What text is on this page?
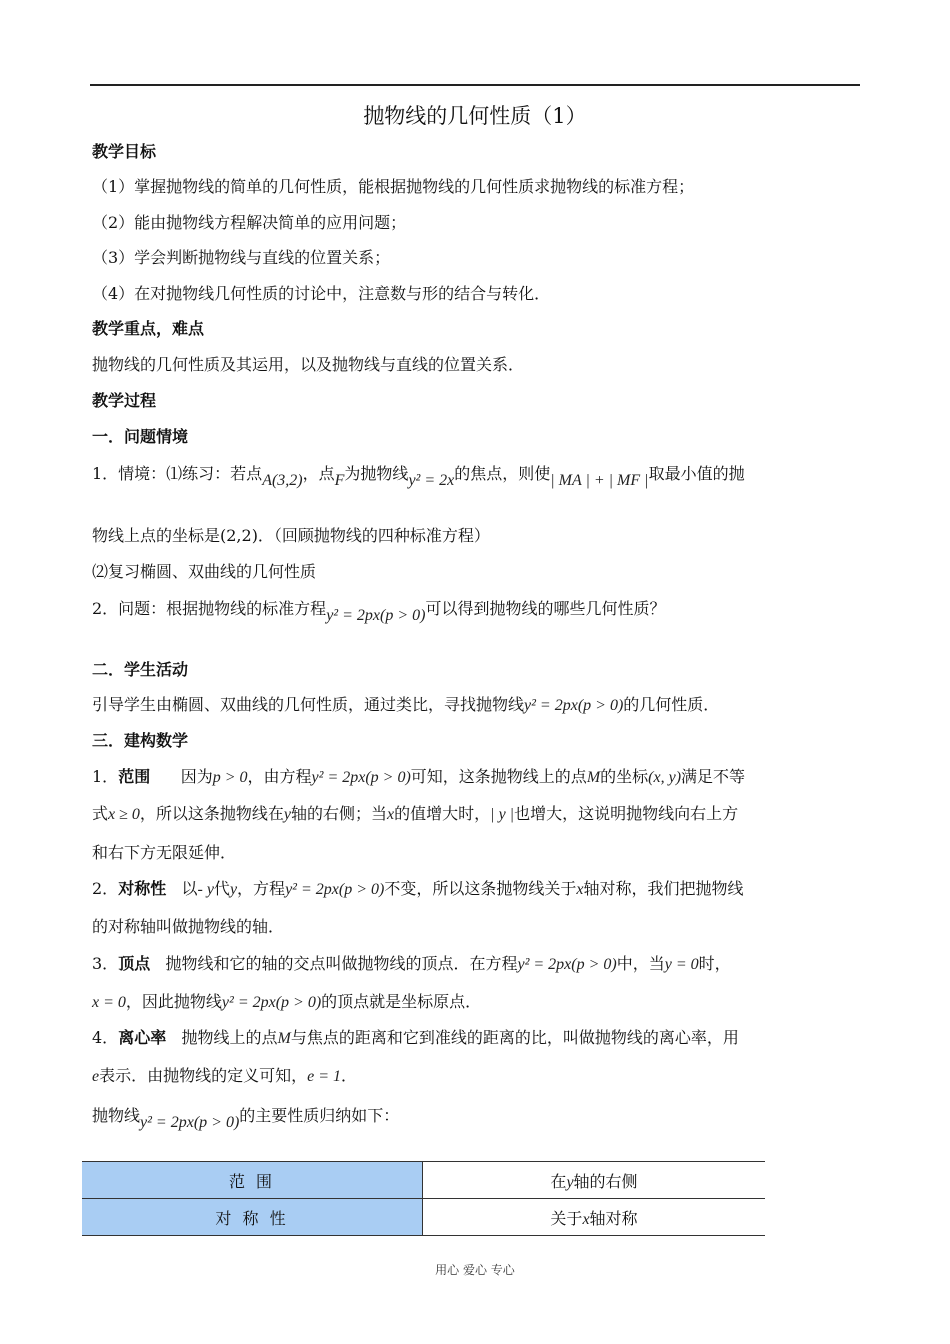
抛物线的几何性质（1）
教学目标
（1）掌握抛物线的简单的几何性质，能根据抛物线的几何性质求抛物线的标准方程；
（2）能由抛物线方程解决简单的应用问题；
（3）学会判断抛物线与直线的位置关系；
（4）在对抛物线几何性质的讨论中，注意数与形的结合与转化．
教学重点，难点
抛物线的几何性质及其运用，以及抛物线与直线的位置关系．
教学过程
一．问题情境
1．情境：⑴练习：若点A(3,2)，点F为抛物线y² = 2x的焦点，则使| MA | + | MF |取最小值的抛
物线上点的坐标是(2,2)．（回顾抛物线的四种标准方程）
⑵复习椭圆、双曲线的几何性质
2．问题：根据抛物线的标准方程y² = 2px(p > 0)可以得到抛物线的哪些几何性质？
二．学生活动
引导学生由椭圆、双曲线的几何性质，通过类比，寻找抛物线y² = 2px(p > 0)的几何性质．
三．建构数学
1．范围 因为p > 0，由方程y² = 2px(p > 0)可知，这条抛物线上的点M的坐标(x, y)满足不等
式x ≥ 0，所以这条抛物线在y轴的右侧；当x的值增大时，| y |也增大，这说明抛物线向右上方
和右下方无限延伸．
2．对称性 以- y代y，方程y² = 2px(p > 0)不变，所以这条抛物线关于x轴对称，我们把抛物线
的对称轴叫做抛物线的轴．
3．顶点 抛物线和它的轴的交点叫做抛物线的顶点．在方程y² = 2px(p > 0)中，当y = 0时，
x = 0，因此抛物线y² = 2px(p > 0)的顶点就是坐标原点．
4．离心率 抛物线上的点M与焦点的距离和它到准线的距离的比，叫做抛物线的离心率，用
e表示．由抛物线的定义可知，e = 1．
抛物线y² = 2px(p > 0)的主要性质归纳如下：
范 围	在y轴的右侧
对 称 性	关于x轴对称
用心 爱心 专心
